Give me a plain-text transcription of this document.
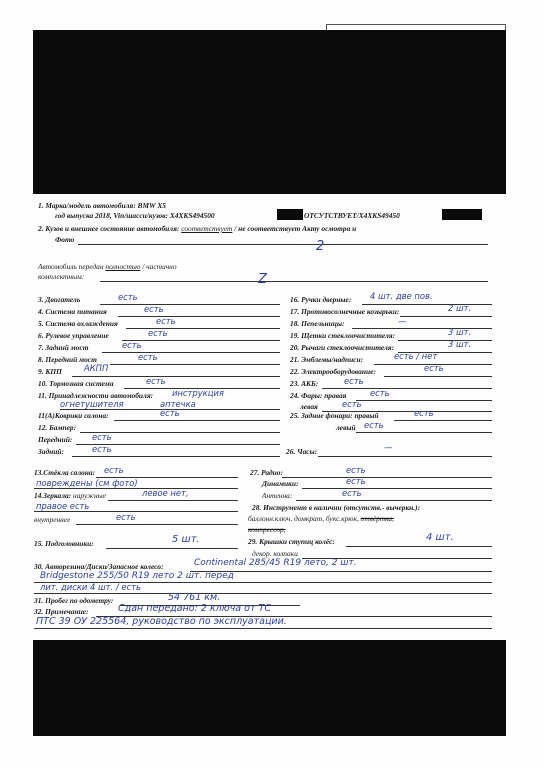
1. Марка/модель автомобиля: BMW X5
год выпуска 2018, Vin/шасси/кузов: X4XKS494500	ОТСУТСТВУЕТ/X4XKS49450
2. Кузов и внешнее состояние автомобиля: соответствует / не соответствует Акту осмотра и
Фото	2
Автомобиль передан полностью / частично
комплектным:	Z
3. Двигатель	есть
4. Система питания	есть
5. Система охлаждения	есть
6. Рулевое управление	есть
7. Задний мост	есть
8. Передний мост	есть
9. КПП	АКПП
10. Тормозная система	есть
11. Принадлежности автомобиля: инструкция
огнетушителя	аптечка
11(А)Коврики салона:	есть
12. Бампер:
Передний: есть
Задний:	есть
16. Ручки дверные: 4 шт. две пов.
17. Противосолнечные козырьки:	2 шт.
18. Пепельницы:	—
19. Щетки стеклоочистителя:	3 шт.
20. Рычаги стеклоочистителя:	3 шт.
21. Эмблемы/надписи:	есть / нет
22. Электрооборудование:	есть
23. АКБ:	есть
24. Фары: правая	есть
левая	есть
25. Задние фонари: правый	есть
левый есть
26. Часы:	—
13.Стёкла салона: есть
повреждены (см фото)
14.Зеркала: наружные	левое нет,
правое есть
внутреннее	есть
15. Подголовники:	5 шт.
27. Радио:	есть
Динамики:	есть
Антенна:	есть
28. Инструмент в наличии (отсутств.- вычеркн.):
баллонн.ключ, домкрат, букс.крюк, отвёртка,
компрессор,
29. Крышки ступиц колёс:	4 шт.
декор. колпаки
30. Авторезина/Диски/Запасное колесо:	Continental 285/45 R19 лето, 2 шт.
Bridgestone 255/50 R19 лето 2 шт. перед
лит. диски 4 шт. / есть
31. Пробег по одометру:	54 761 км.
32. Примечание:	Сдан передано: 2 ключа от ТС
ПТС 39 ОУ 225564, руководство по эксплуатации.
